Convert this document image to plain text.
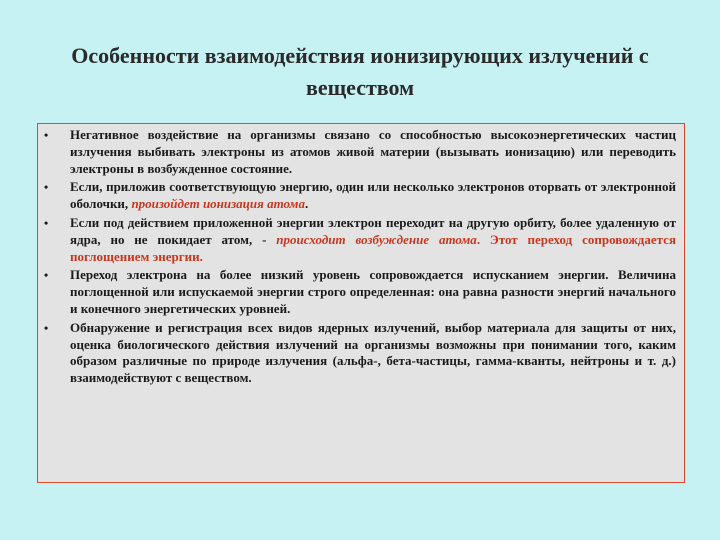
Особенности взаимодействия ионизирующих излучений с
веществом
• Негативное воздействие на организмы связано со способностью высокоэнергетических частиц излучения выбивать электроны из атомов живой материи (вызывать ионизацию) или переводить электроны в возбужденное состояние.
• Если, приложив соответствующую энергию, один или несколько электронов оторвать от электронной оболочки, произойдет ионизация атома.
• Если под действием приложенной энергии электрон переходит на другую орбиту, более удаленную от ядра, но не покидает атом, - происходит возбуждение атома. Этот переход сопровождается поглощением энергии.
• Переход электрона на более низкий уровень сопровождается испусканием энергии. Величина поглощенной или испускаемой энергии строго определенная: она равна разности энергий начального и конечного энергетических уровней.
• Обнаружение и регистрация всех видов ядерных излучений, выбор материала для защиты от них, оценка биологического действия излучений на организмы возможны при понимании того, каким образом различные по природе излучения (альфа-, бета-частицы, гамма-кванты, нейтроны и т. д.) взаимодействуют с веществом.
